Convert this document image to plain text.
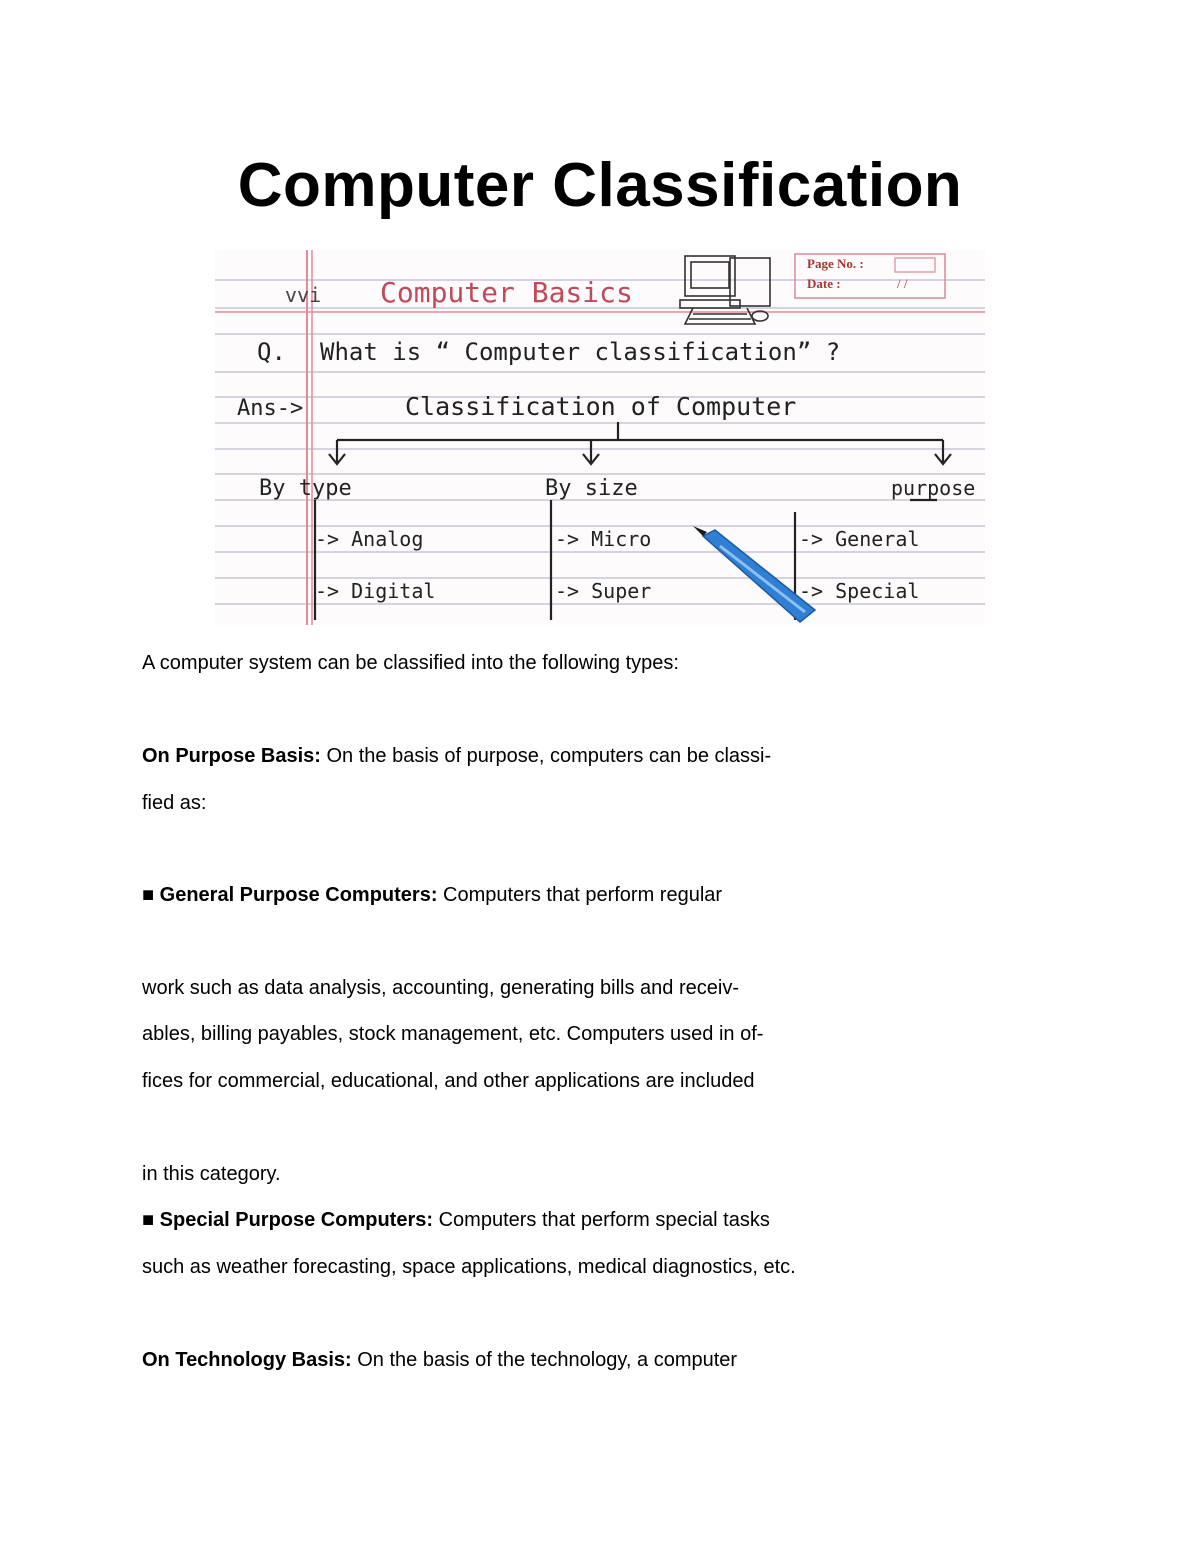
Computer Classification
Page No. :
Date :	/ /
vvi Computer Basics
Q. What is “ Computer classification” ?
Ans->	Classification of Computer
By type	By size	purpose
-> Analog
-> Digital
-> Micro
-> Super
-> General
-> Special
A computer system can be classified into the following types:
On Purpose Basis: On the basis of purpose, computers can be classi-
fied as:
■ General Purpose Computers: Computers that perform regular
work such as data analysis, accounting, generating bills and receiv-
ables, billing payables, stock management, etc. Computers used in of-
fices for commercial, educational, and other applications are included
in this category.
■ Special Purpose Computers: Computers that perform special tasks
such as weather forecasting, space applications, medical diagnostics, etc.
On Technology Basis: On the basis of the technology, a computer
